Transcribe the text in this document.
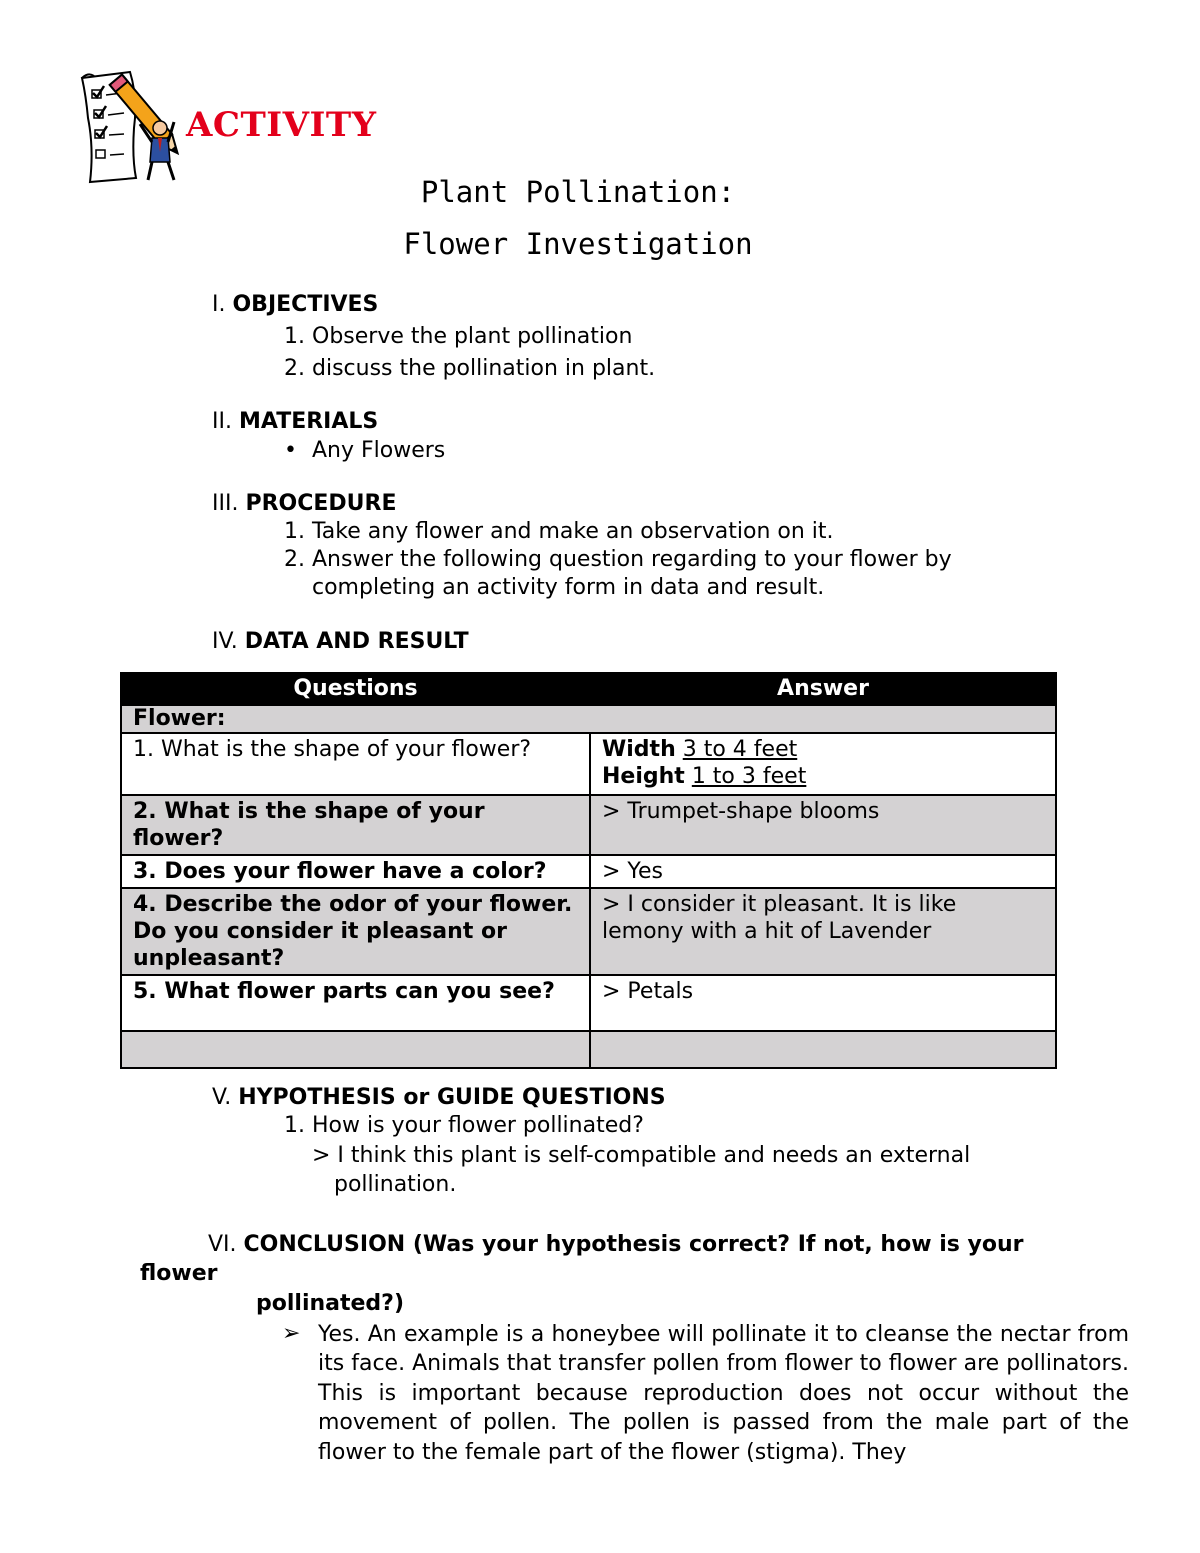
ACTIVITY
Plant Pollination:
Flower Investigation
I. OBJECTIVES
1. Observe the plant pollination
2. discuss the pollination in plant.
II. MATERIALS
• Any Flowers
III. PROCEDURE
1. Take any flower and make an observation on it.
2. Answer the following question regarding to your flower by
completing an activity form in data and result.
IV. DATA AND RESULT
Questions	Answer
Flower:	
1. What is the shape of your flower?	Width 3 to 4 feet
Height 1 to 3 feet
2. What is the shape of your flower?	> Trumpet-shape blooms
3. Does your flower have a color?	> Yes
4. Describe the odor of your flower. Do you consider it pleasant or unpleasant?	> I consider it pleasant. It is like lemony with a hit of Lavender
5. What flower parts can you see?	> Petals

V. HYPOTHESIS or GUIDE QUESTIONS
1. How is your flower pollinated?
> I think this plant is self-compatible and needs an external
pollination.
VI. CONCLUSION (Was your hypothesis correct? If not, how is your
flower
pollinated?)
➢ Yes. An example is a honeybee will pollinate it to cleanse the nectar from its face. Animals that transfer pollen from flower to flower are pollinators. This is important because reproduction does not occur without the movement of pollen. The pollen is passed from the male part of the flower to the female part of the flower (stigma). They
